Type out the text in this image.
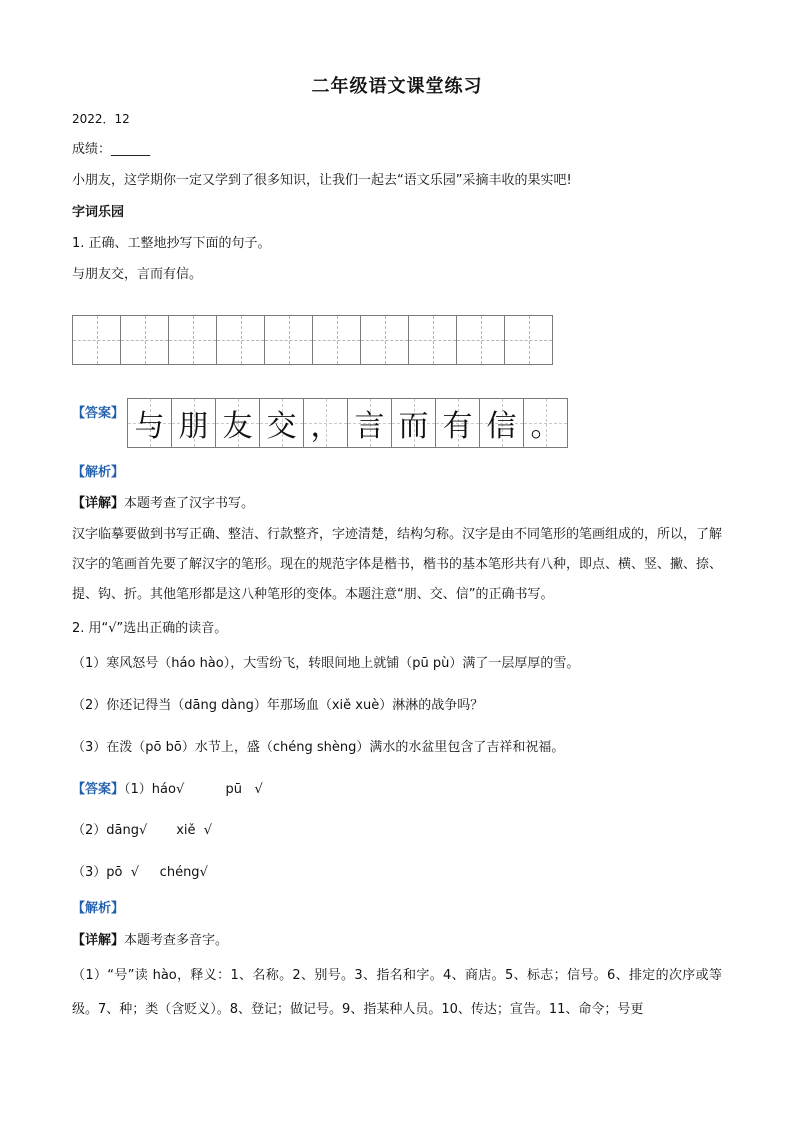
二年级语文课堂练习
2022．12
成绩：______
小朋友，这学期你一定又学到了很多知识，让我们一起去“语文乐园”采摘丰收的果实吧!
字词乐园
1. 正确、工整地抄写下面的句子。
与朋友交，言而有信。
【答案】 与 朋 友 交 ， 言 而 有 信 。
【解析】
【详解】本题考查了汉字书写。
汉字临摹要做到书写正确、整洁、行款整齐，字迹清楚，结构匀称。汉字是由不同笔形的笔画组成的，所以，了解汉字的笔画首先要了解汉字的笔形。现在的规范字体是楷书，楷书的基本笔形共有八种，即点、横、竖、撇、捺、提、钩、折。其他笔形都是这八种笔形的变体。本题注意“朋、交、信”的正确书写。
2. 用“√”选出正确的读音。
（1）寒风怒号（háo hào），大雪纷飞，转眼间地上就铺（pū pù）满了一层厚厚的雪。
（2）你还记得当（dāng dàng）年那场血（xiě xuè）淋淋的战争吗？
（3）在泼（pō bō）水节上，盛（chéng shèng）满水的水盆里包含了吉祥和祝福。
【答案】（1）háo√          pū   √
（2）dāng√       xiě  √
（3）pō  √     chéng√
【解析】
【详解】本题考查多音字。
（1）“号”读 hào，释义：1、名称。2、别号。3、指名和字。4、商店。5、标志；信号。6、排定的次序或等级。7、种；类（含贬义）。8、登记；做记号。9、指某种人员。10、传达；宣告。11、命令；号更
